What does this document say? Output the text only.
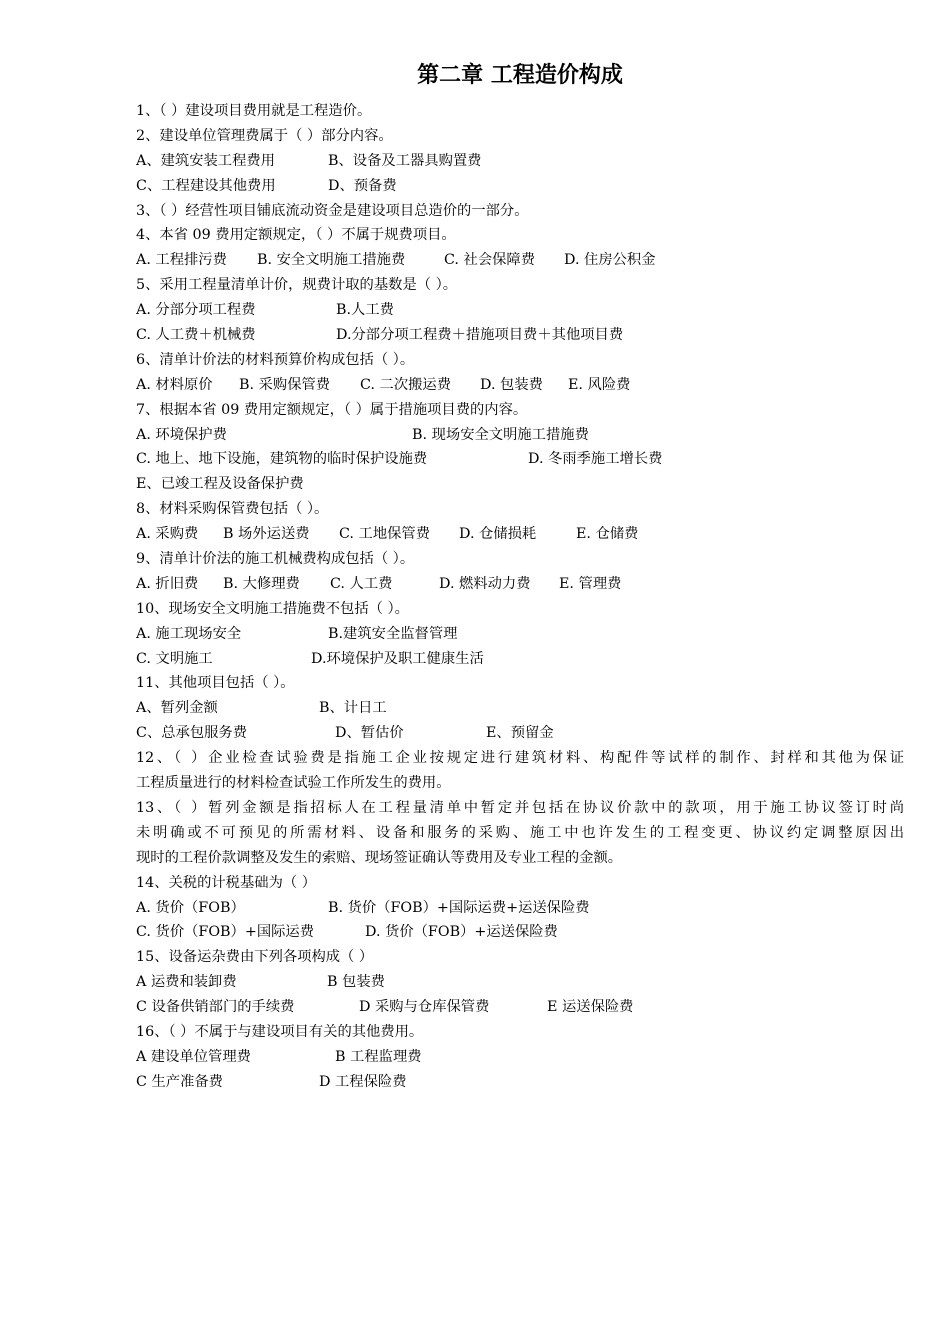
第二章 工程造价构成
1、（ ）建设项目费用就是工程造价。
2、建设单位管理费属于（ ）部分内容。
A、建筑安装工程费用	B、设备及工器具购置费
C、工程建设其他费用	D、预备费
3、（ ）经营性项目铺底流动资金是建设项目总造价的一部分。
4、本省 09 费用定额规定，（ ）不属于规费项目。
A. 工程排污费 B. 安全文明施工措施费	C. 社会保障费 D. 住房公积金
5、采用工程量清单计价，规费计取的基数是（ ）。
A. 分部分项工程费	B.人工费
C. 人工费＋机械费	D.分部分项工程费＋措施项目费＋其他项目费
6、清单计价法的材料预算价构成包括（ ）。
A. 材料原价 B. 采购保管费 C. 二次搬运费 D. 包装费 E. 风险费
7、根据本省 09 费用定额规定，（ ）属于措施项目费的内容。
A. 环境保护费	B. 现场安全文明施工措施费
C. 地上、地下设施，建筑物的临时保护设施费	D. 冬雨季施工增长费
E、已竣工程及设备保护费
8、材料采购保管费包括（ ）。
A. 采购费 B 场外运送费 C. 工地保管费 D. 仓储损耗	E. 仓储费
9、清单计价法的施工机械费构成包括（ ）。
A. 折旧费 B. 大修理费 C. 人工费	D. 燃料动力费 E. 管理费
10、现场安全文明施工措施费不包括（ ）。
A. 施工现场安全	B.建筑安全监督管理
C. 文明施工	D.环境保护及职工健康生活
11、其他项目包括（ ）。
A、暂列金额	B、计日工
C、总承包服务费	D、暂估价	E、预留金
12、（ ）企业检查试验费是指施工企业按规定进行建筑材料、构配件等试样的制作、封样和其他为保证
工程质量进行的材料检查试验工作所发生的费用。
13、（ ）暂列金额是指招标人在工程量清单中暂定并包括在协议价款中的款项，用于施工协议签订时尚
未明确或不可预见的所需材料、设备和服务的采购、施工中也许发生的工程变更、协议约定调整原因出
现时的工程价款调整及发生的索赔、现场签证确认等费用及专业工程的金额。
14、关税的计税基础为（ ）
A. 货价（FOB）	B. 货价（FOB）+国际运费+运送保险费
C. 货价（FOB）+国际运费	D. 货价（FOB）+运送保险费
15、设备运杂费由下列各项构成（ ）
A 运费和装卸费	B 包装费
C 设备供销部门的手续费	D 采购与仓库保管费	E 运送保险费
16、（ ）不属于与建设项目有关的其他费用。
A 建设单位管理费	B 工程监理费
C 生产准备费	D 工程保险费
